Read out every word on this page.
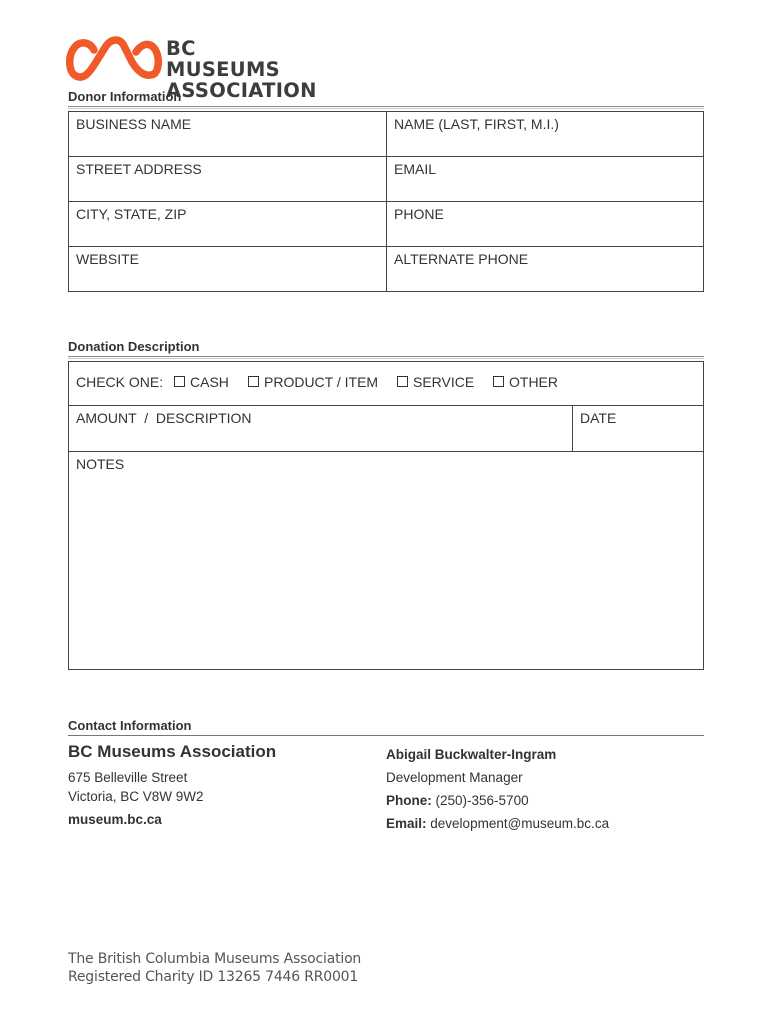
BC MUSEUMS
ASSOCIATION
Donor Information
BUSINESS NAME	NAME (LAST, FIRST, M.I.)
STREET ADDRESS	EMAIL
CITY, STATE, ZIP	PHONE
WEBSITE	ALTERNATE PHONE
Donation Description
CHECK ONE:	CASH	PRODUCT / ITEM	SERVICE	OTHER
AMOUNT  /  DESCRIPTION	DATE
NOTES
Contact Information
BC Museums Association
675 Belleville Street
Victoria, BC V8W 9W2
museum.bc.ca
Abigail Buckwalter-Ingram
Development Manager
Phone: (250)-356-5700
Email: development@museum.bc.ca
The British Columbia Museums Association
Registered Charity ID 13265 7446 RR0001
